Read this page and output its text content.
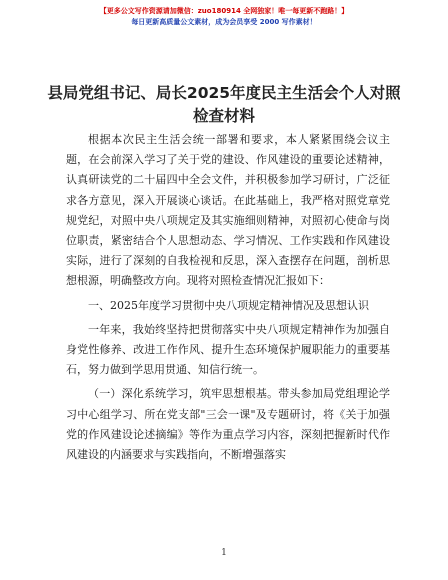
【更多公文写作资源请加微信：zuo180914 全网独家！唯一每更新不跑路！】
每日更新高质量公文素材，成为会员享受 2000 写作素材！
县局党组书记、局长2025年度民主生活会个人对照检查材料

根据本次民主生活会统一部署和要求，本人紧紧围绕会议主题，在会前深入学习了关于党的建设、作风建设的重要论述精神，认真研读党的二十届四中全会文件，并积极参加学习研讨，广泛征求各方意见，深入开展谈心谈话。在此基础上，我严格对照党章党规党纪，对照中央八项规定及其实施细则精神，对照初心使命与岗位职责，紧密结合个人思想动态、学习情况、工作实践和作风建设实际，进行了深刻的自我检视和反思，深入查摆存在问题，剖析思想根源，明确整改方向。现将对照检查情况汇报如下：

一、2025年度学习贯彻中央八项规定精神情况及思想认识

一年来，我始终坚持把贯彻落实中央八项规定精神作为加强自身党性修养、改进工作作风、提升生态环境保护履职能力的重要基石，努力做到学思用贯通、知信行统一。

（一）深化系统学习，筑牢思想根基。带头参加局党组理论学习中心组学习、所在党支部"三会一课"及专题研讨，将《关于加强党的作风建设论述摘编》等作为重点学习内容，深刻把握新时代作风建设的内涵要求与实践指向，不断增强落实

1
